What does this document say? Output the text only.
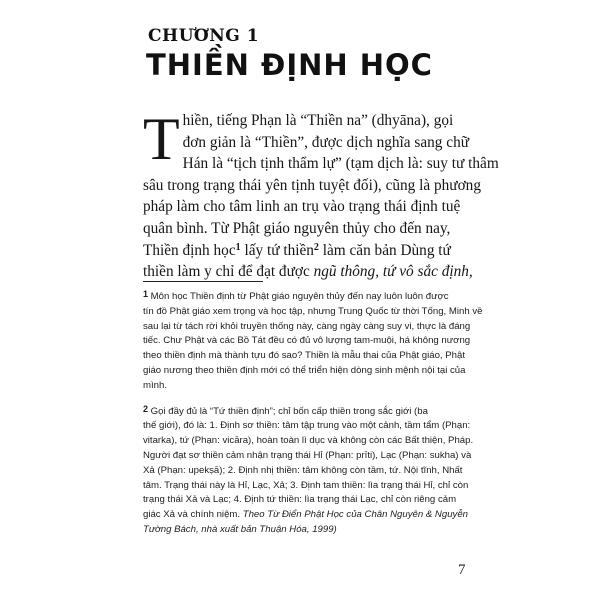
CHƯƠNG 1
THIỀN ĐỊNH HỌC
T hiền, tiếng Phạn là “Thiền na” (dhyāna), gọi
đơn giản là “Thiền”, được dịch nghĩa sang chữ
Hán là “tịch tịnh thẩm lự” (tạm dịch là: suy tư thâm
sâu trong trạng thái yên tịnh tuyệt đối), cũng là phương
pháp làm cho tâm linh an trụ vào trạng thái định tuệ
quân bình. Từ Phật giáo nguyên thủy cho đến nay,
Thiền định học$^1$ lấy tứ thiền$^2$ làm căn bản Dùng tứ
thiền làm y chỉ để đạt được ngũ thông, tứ vô sắc định,
1 Môn học Thiền định từ Phật giáo nguyên thủy đến nay luôn luôn được
tín đồ Phật giáo xem trọng và học tập, nhưng Trung Quốc từ thời Tống, Minh về
sau lại từ tách rời khỏi truyền thống này, càng ngày càng suy vi, thực là đáng
tiếc. Chư Phật và các Bồ Tát đều có đủ vô lượng tam-muội, há không nương
theo thiền định mà thành tựu đó sao? Thiền là mẫu thai của Phật giáo, Phật
giáo nương theo thiền định mới có thể triển hiện dòng sinh mệnh nội tại của
mình.
2 Gọi đầy đủ là “Tứ thiền định”; chỉ bốn cấp thiền trong sắc giới (ba
thế giới), đó là: 1. Định sơ thiền: tâm tập trung vào một cảnh, tầm tẩm (Phạn:
vitarka), tứ (Phạn: vicāra), hoàn toàn lì dục và không còn các Bất thiện, Pháp.
Người đạt sơ thiền cảm nhận trạng thái Hỉ (Phạn: prīti), Lạc (Phạn: sukha) và
Xả (Phạn: upekṣā); 2. Định nhị thiền: tâm không còn tầm, tứ. Nội tĩnh, Nhất
tâm. Trạng thái này là Hỉ, Lạc, Xả; 3. Định tam thiền: lìa trạng thái Hỉ, chỉ còn
trạng thái Xả và Lạc; 4. Định tứ thiền: lìa trạng thái Lạc, chỉ còn riêng cảm
giác Xả và chính niệm. Theo Từ Điển Phật Học của Chân Nguyên & Nguyễn
Tường Bách, nhà xuất bản Thuận Hóa, 1999)
7
